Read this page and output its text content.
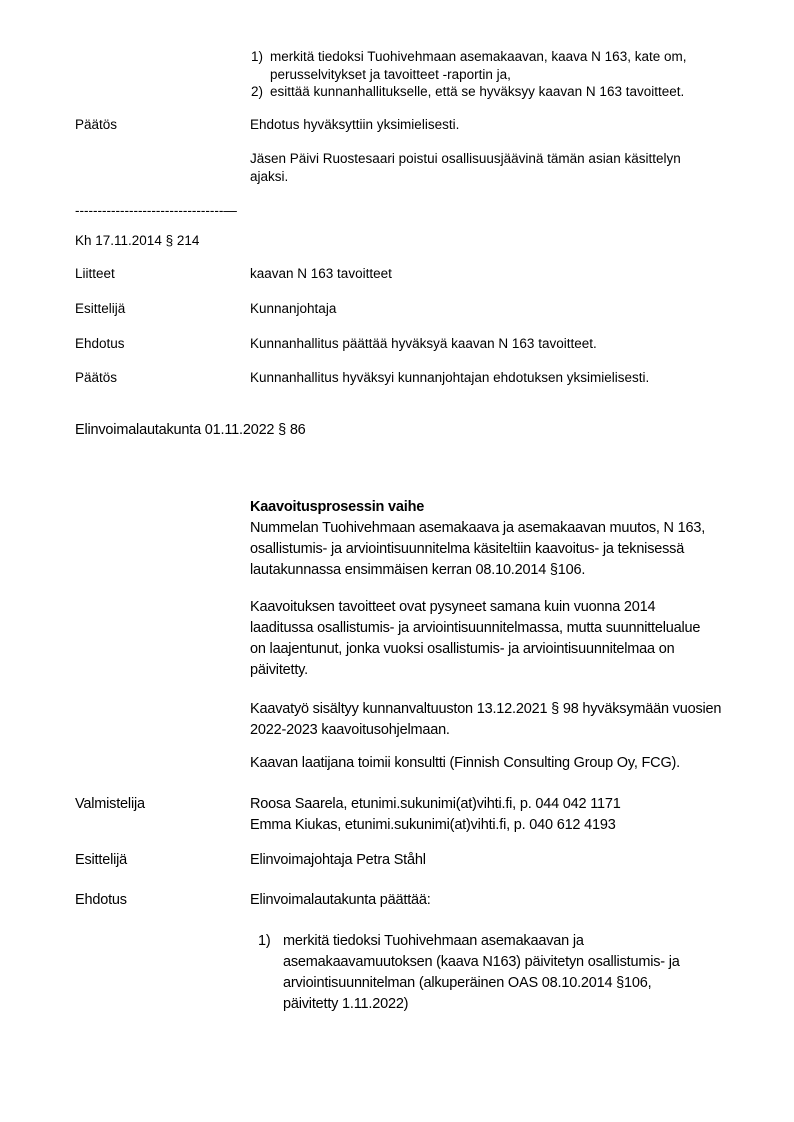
1) merkitä tiedoksi Tuohivehmaan asemakaavan, kaava N 163, kate om,
perusselvitykset ja tavoitteet -raportin ja,
2) esittää kunnanhallitukselle, että se hyväksyy kaavan N 163 tavoitteet.
Päätös	Ehdotus hyväksyttiin yksimielisesti.
Jäsen Päivi Ruostesaari poistui osallisuusjäävinä tämän asian käsittelyn
ajaksi.
---------------------------------—
Kh 17.11.2014 § 214
Liitteet	kaavan N 163 tavoitteet
Esittelijä	Kunnanjohtaja
Ehdotus	Kunnanhallitus päättää hyväksyä kaavan N 163 tavoitteet.
Päätös	Kunnanhallitus hyväksyi kunnanjohtajan ehdotuksen yksimielisesti.
Elinvoimalautakunta 01.11.2022 § 86
Kaavoitusprosessin vaihe
Nummelan Tuohivehmaan asemakaava ja asemakaavan muutos, N 163,
osallistumis- ja arviointisuunnitelma käsiteltiin kaavoitus- ja teknisessä
lautakunnassa ensimmäisen kerran 08.10.2014 §106.
Kaavoituksen tavoitteet ovat pysyneet samana kuin vuonna 2014
laaditussa osallistumis- ja arviointisuunnitelmassa, mutta suunnittelualue
on laajentunut, jonka vuoksi osallistumis- ja arviointisuunnitelmaa on
päivitetty.
Kaavatyö sisältyy kunnanvaltuuston 13.12.2021 § 98 hyväksymään vuosien
2022-2023 kaavoitusohjelmaan.
Kaavan laatijana toimii konsultti (Finnish Consulting Group Oy, FCG).
Valmistelija	Roosa Saarela, etunimi.sukunimi(at)vihti.fi, p. 044 042 1171
Emma Kiukas, etunimi.sukunimi(at)vihti.fi, p. 040 612 4193
Esittelijä	Elinvoimajohtaja Petra Ståhl
Ehdotus	Elinvoimalautakunta päättää:
1) merkitä tiedoksi Tuohivehmaan asemakaavan ja
asemakaavamuutoksen (kaava N163) päivitetyn osallistumis- ja
arviointisuunnitelman (alkuperäinen OAS 08.10.2014 §106,
päivitetty 1.11.2022)
